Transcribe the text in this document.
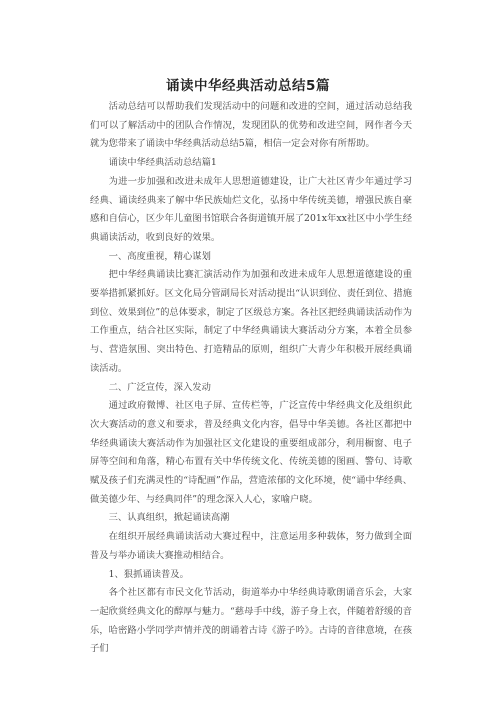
诵读中华经典活动总结5篇

活动总结可以帮助我们发现活动中的问题和改进的空间，通过活动总结我们可以了解活动中的团队合作情况，发现团队的优势和改进空间，网作者今天就为您带来了诵读中华经典活动总结5篇，相信一定会对你有所帮助。

诵读中华经典活动总结篇1

为进一步加强和改进未成年人思想道德建设，让广大社区青少年通过学习经典、诵读经典来了解中华民族灿烂文化，弘扬中华传统美德，增强民族自豪感和自信心，区少年儿童图书馆联合各街道镇开展了201x年xx社区中小学生经典诵读活动，收到良好的效果。

一、高度重视，精心谋划

把中华经典诵读比赛汇演活动作为加强和改进未成年人思想道德建设的重要举措抓紧抓好。区文化局分管副局长对活动提出“认识到位、责任到位、措施到位、效果到位”的总体要求，制定了区级总方案。各社区把经典诵读活动作为工作重点，结合社区实际，制定了中华经典诵读大赛活动分方案，本着全员参与、营造氛围、突出特色、打造精品的原则，组织广大青少年积极开展经典诵读活动。

二、广泛宣传，深入发动

通过政府微博、社区电子屏、宣传栏等，广泛宣传中华经典文化及组织此次大赛活动的意义和要求，普及经典文化内容，倡导中华美德。各社区都把中华经典诵读大赛活动作为加强社区文化建设的重要组成部分，利用橱窗、电子屏等空间和角落，精心布置有关中华传统文化、传统美德的图画、警句、诗歌赋及孩子们充满灵性的“诗配画”作品，营造浓郁的文化环境，使“诵中华经典、做美德少年、与经典同伴”的理念深入人心，家喻户晓。

三、认真组织，掀起诵读高潮

在组织开展经典诵读活动大赛过程中，注意运用多种载体，努力做到全面普及与举办诵读大赛推动相结合。

1、狠抓诵读普及。

各个社区都有市民文化节活动，街道举办中华经典诗歌朗诵音乐会，大家一起欣赏经典文化的醇厚与魅力。“慈母手中线，游子身上衣，伴随着舒缓的音乐，哈密路小学同学声情并茂的朗诵着古诗《游子吟》。古诗的音律意境，在孩子们
